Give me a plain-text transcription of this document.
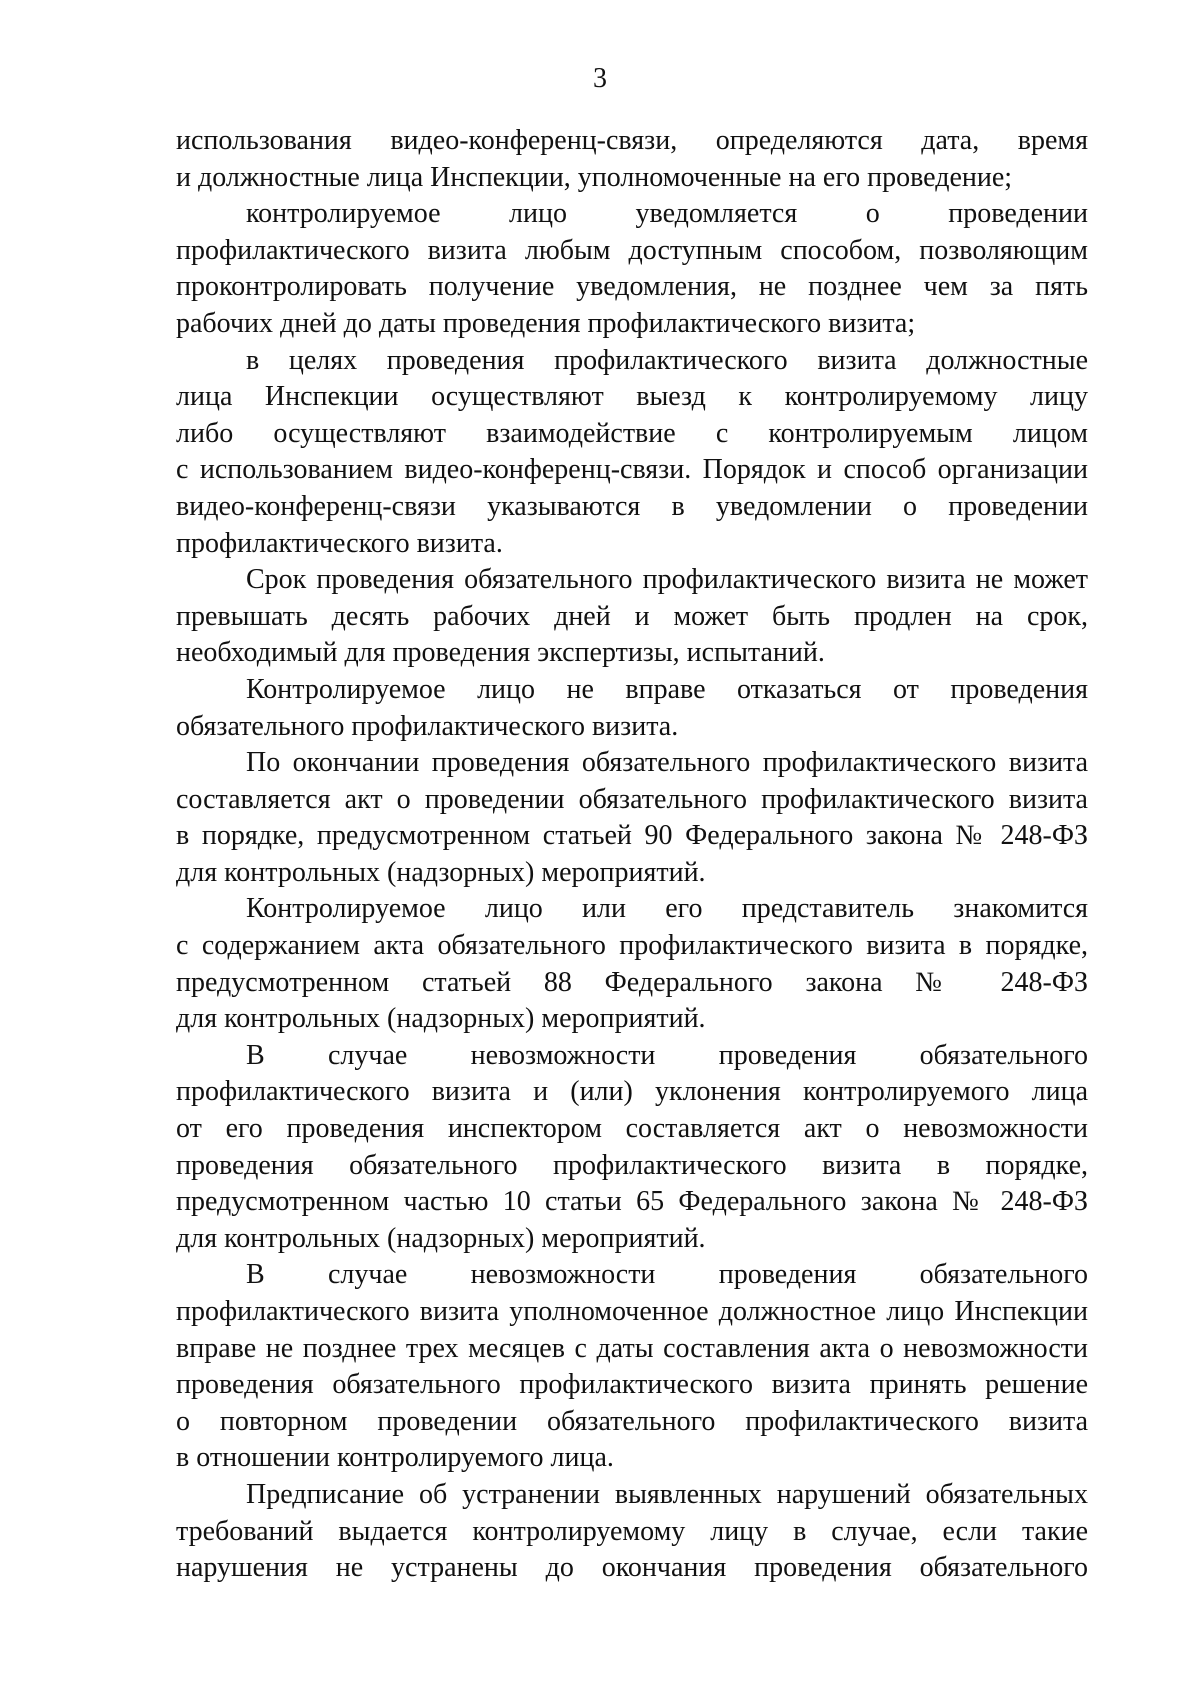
3

использования видео-конференц-связи, определяются дата, время
и должностные лица Инспекции, уполномоченные на его проведение;

контролируемое лицо уведомляется о проведении
профилактического визита любым доступным способом, позволяющим
проконтролировать получение уведомления, не позднее чем за пять
рабочих дней до даты проведения профилактического визита;

в целях проведения профилактического визита должностные
лица Инспекции осуществляют выезд к контролируемому лицу
либо осуществляют взаимодействие с контролируемым лицом
с использованием видео-конференц-связи. Порядок и способ организации
видео-конференц-связи указываются в уведомлении о проведении
профилактического визита.

Срок проведения обязательного профилактического визита не может
превышать десять рабочих дней и может быть продлен на срок,
необходимый для проведения экспертизы, испытаний.

Контролируемое лицо не вправе отказаться от проведения
обязательного профилактического визита.

По окончании проведения обязательного профилактического визита
составляется акт о проведении обязательного профилактического визита
в порядке, предусмотренном статьей 90 Федерального закона № 248-ФЗ
для контрольных (надзорных) мероприятий.

Контролируемое лицо или его представитель знакомится
с содержанием акта обязательного профилактического визита в порядке,
предусмотренном статьей 88 Федерального закона № 248-ФЗ
для контрольных (надзорных) мероприятий.

В случае невозможности проведения обязательного
профилактического визита и (или) уклонения контролируемого лица
от его проведения инспектором составляется акт о невозможности
проведения обязательного профилактического визита в порядке,
предусмотренном частью 10 статьи 65 Федерального закона № 248-ФЗ
для контрольных (надзорных) мероприятий.

В случае невозможности проведения обязательного
профилактического визита уполномоченное должностное лицо Инспекции
вправе не позднее трех месяцев с даты составления акта о невозможности
проведения обязательного профилактического визита принять решение
о повторном проведении обязательного профилактического визита
в отношении контролируемого лица.

Предписание об устранении выявленных нарушений обязательных
требований выдается контролируемому лицу в случае, если такие
нарушения не устранены до окончания проведения обязательного
